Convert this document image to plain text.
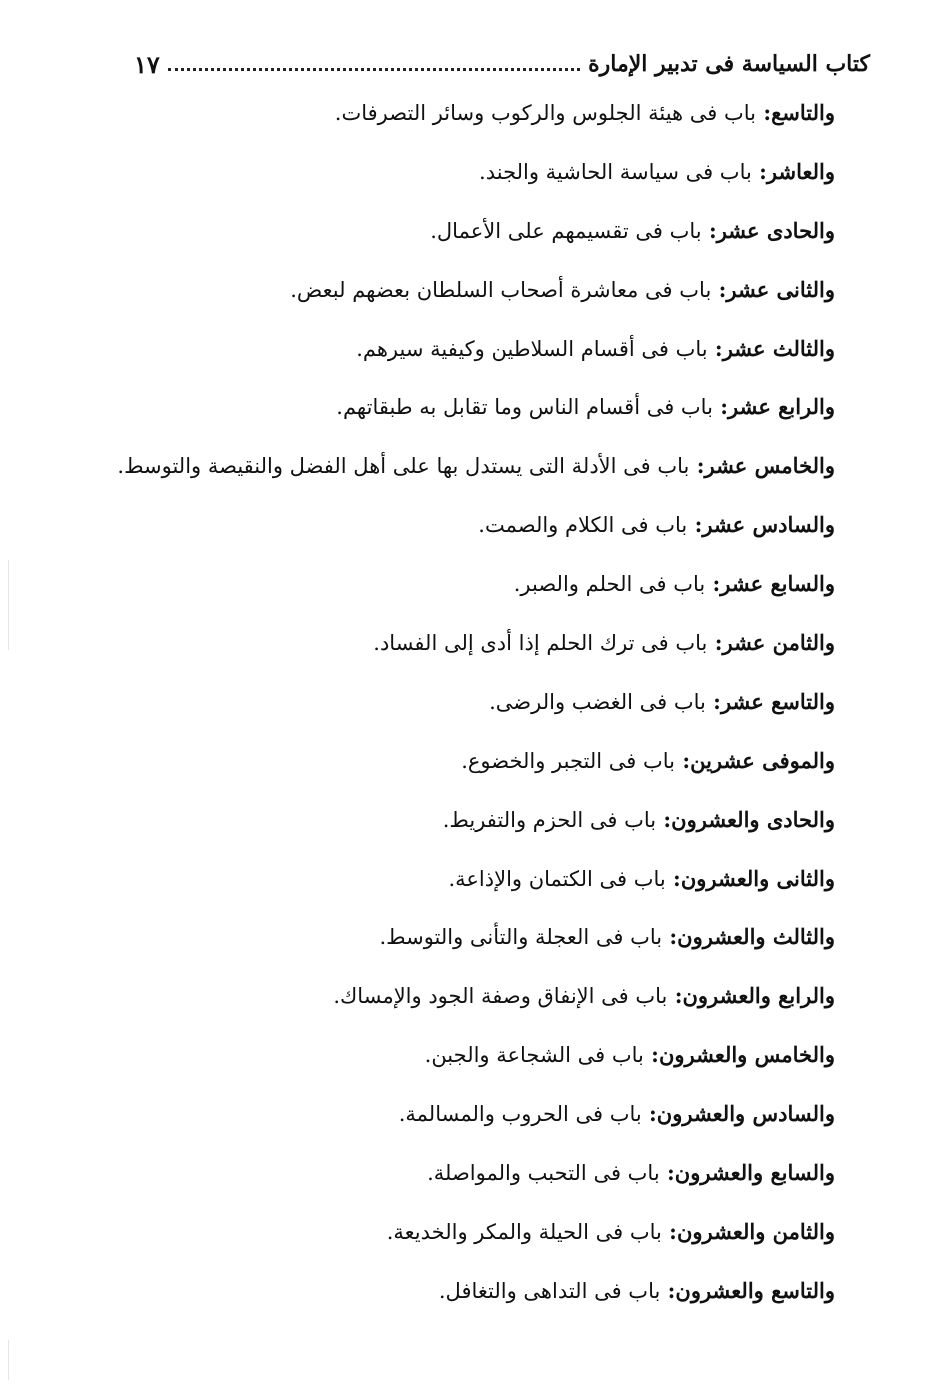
كتاب السياسة فى تدبير الإمارة
١٧
والتاسع: باب فى هيئة الجلوس والركوب وسائر التصرفات.
والعاشر: باب فى سياسة الحاشية والجند.
والحادى عشر: باب فى تقسيمهم على الأعمال.
والثانى عشر: باب فى معاشرة أصحاب السلطان بعضهم لبعض.
والثالث عشر: باب فى أقسام السلاطين وكيفية سيرهم.
والرابع عشر: باب فى أقسام الناس وما تقابل به طبقاتهم.
والخامس عشر: باب فى الأدلة التى يستدل بها على أهل الفضل والنقيصة والتوسط.
والسادس عشر: باب فى الكلام والصمت.
والسابع عشر: باب فى الحلم والصبر.
والثامن عشر: باب فى ترك الحلم إذا أدى إلى الفساد.
والتاسع عشر: باب فى الغضب والرضى.
والموفى عشرين: باب فى التجبر والخضوع.
والحادى والعشرون: باب فى الحزم والتفريط.
والثانى والعشرون: باب فى الكتمان والإذاعة.
والثالث والعشرون: باب فى العجلة والتأنى والتوسط.
والرابع والعشرون: باب فى الإنفاق وصفة الجود والإمساك.
والخامس والعشرون: باب فى الشجاعة والجبن.
والسادس والعشرون: باب فى الحروب والمسالمة.
والسابع والعشرون: باب فى التحبب والمواصلة.
والثامن والعشرون: باب فى الحيلة والمكر والخديعة.
والتاسع والعشرون: باب فى التداهى والتغافل.
